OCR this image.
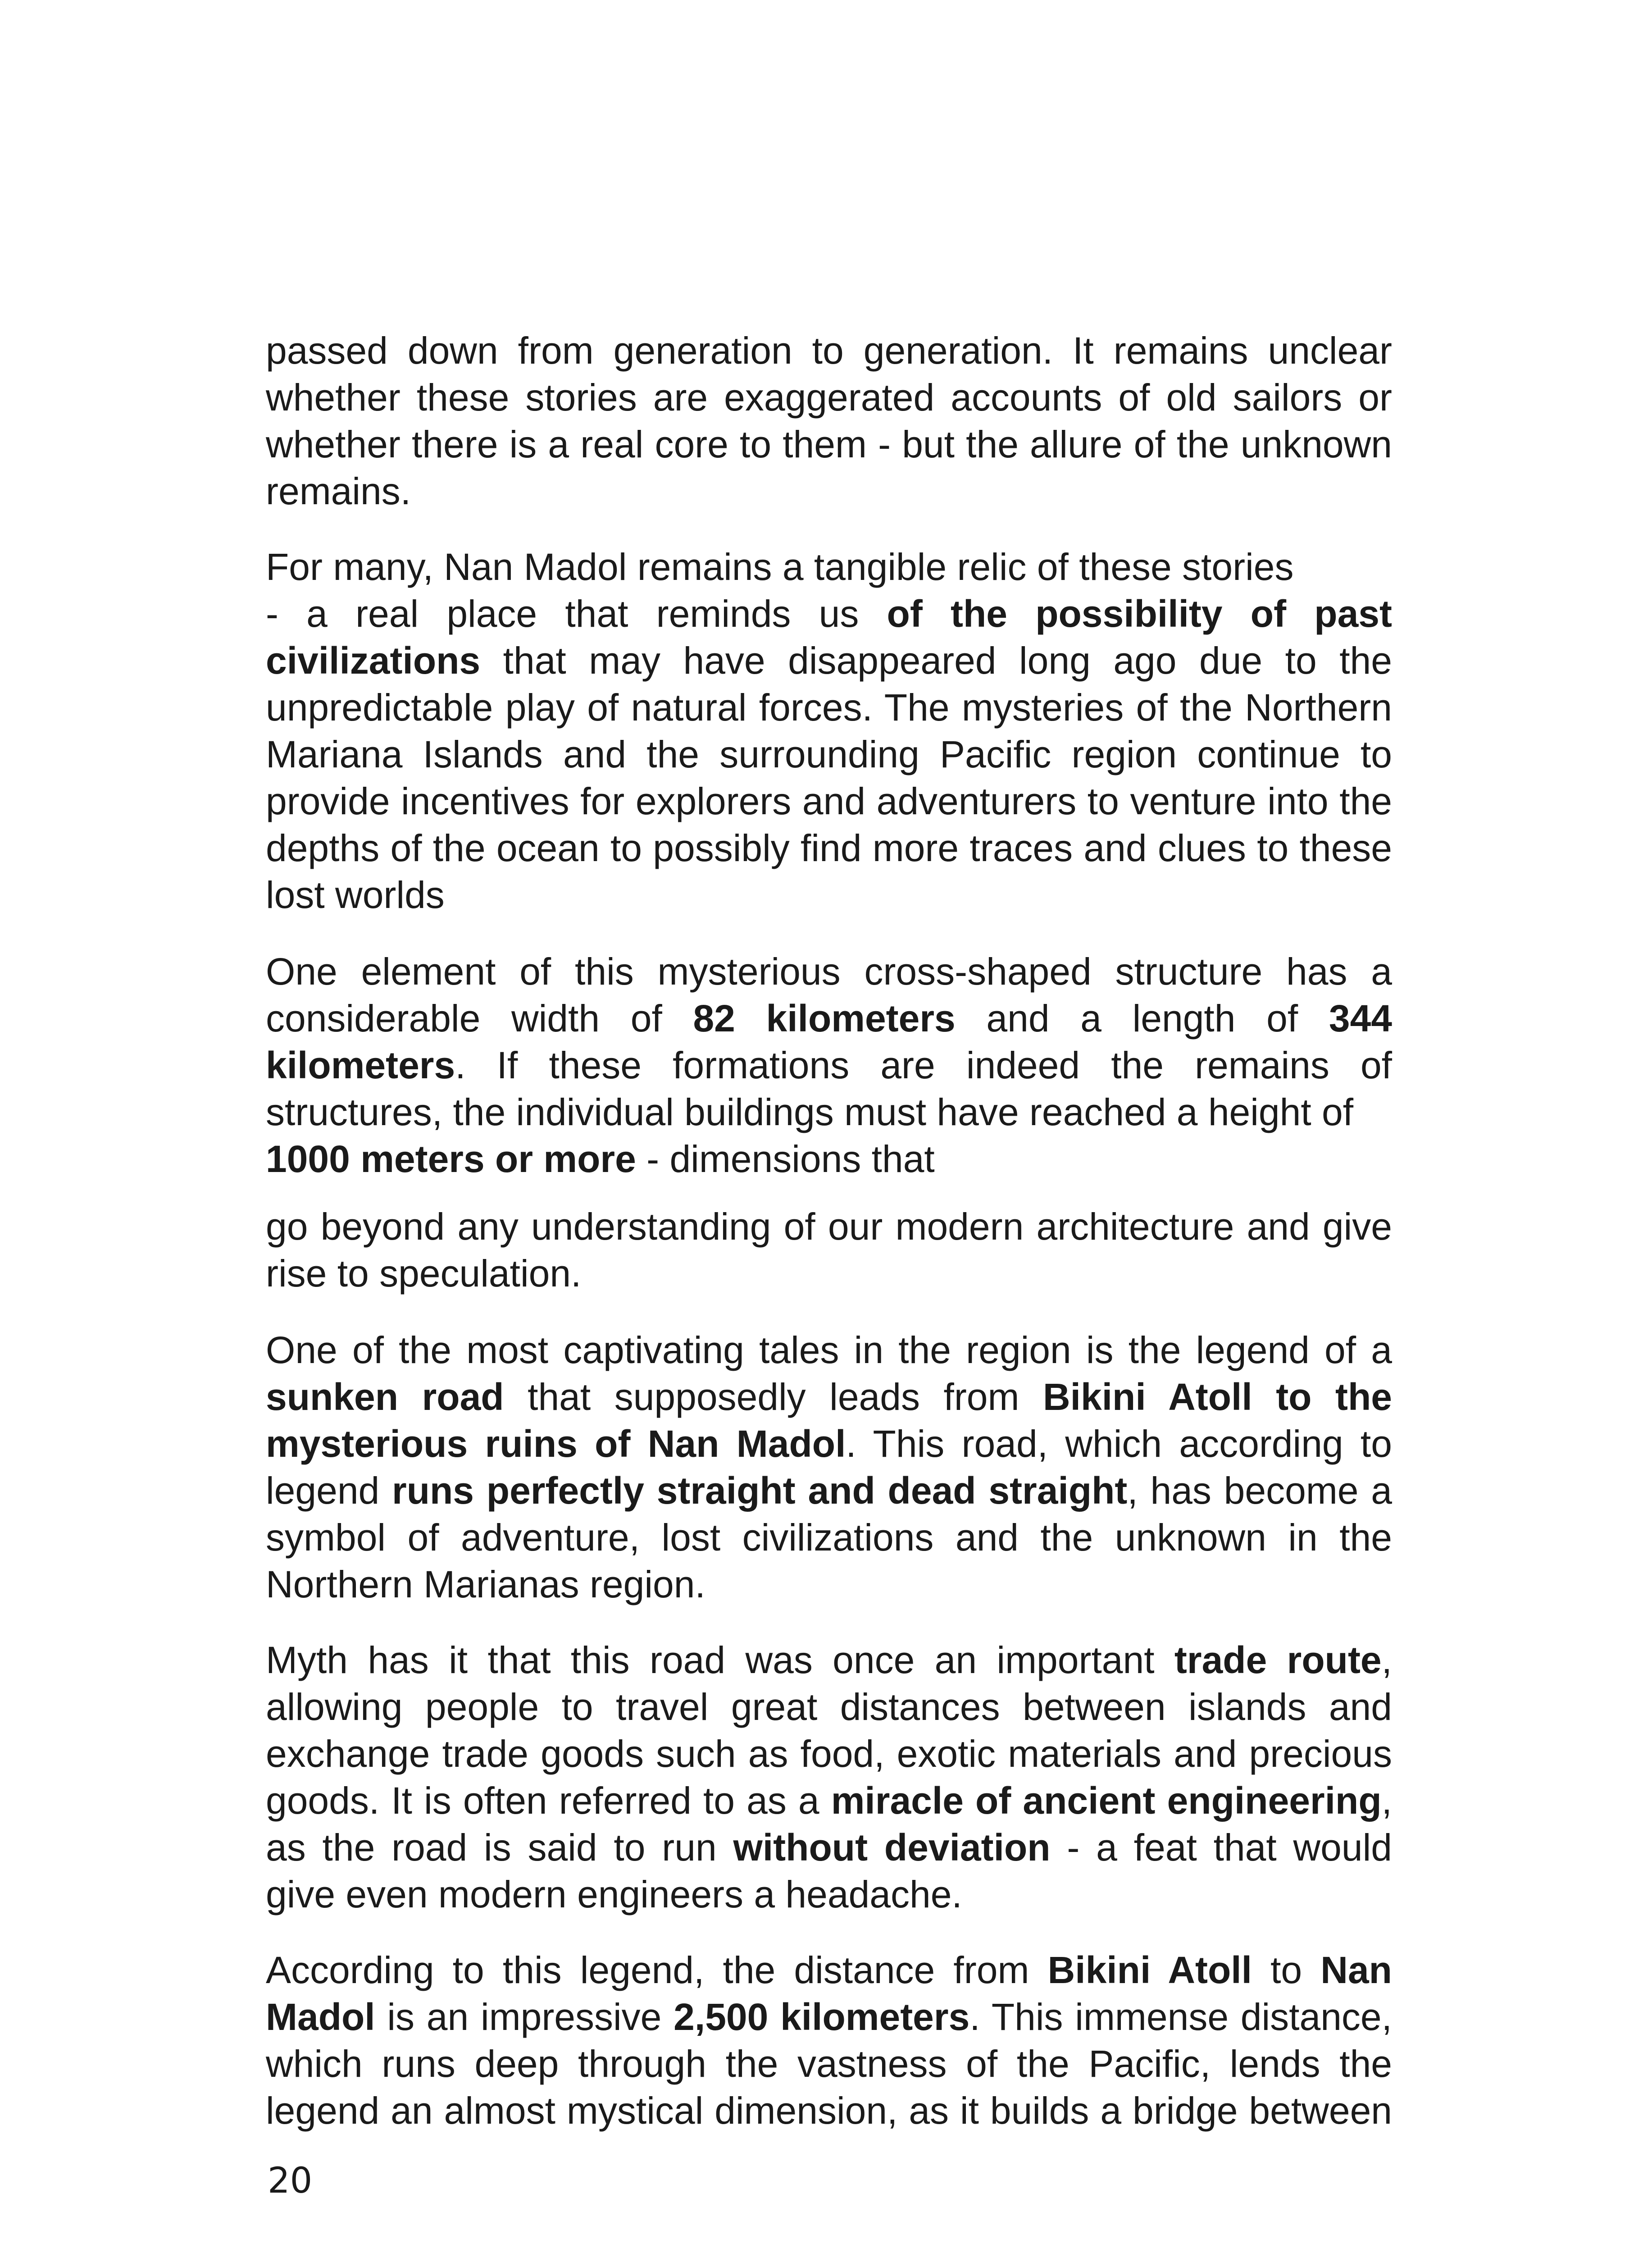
passed down from generation to generation. It remains unclear whether these stories are exaggerated accounts of old sailors or whether there is a real core to them - but the allure of the unknown remains.

For many, Nan Madol remains a tangible relic of these stories
- a real place that reminds us of the possibility of past civilizations that may have disappeared long ago due to the unpredictable play of natural forces. The mysteries of the Northern Mariana Islands and the surrounding Pacific region continue to provide incentives for explorers and adventurers to venture into the depths of the ocean to possibly find more traces and clues to these lost worlds

One element of this mysterious cross-shaped structure has a considerable width of 82 kilometers and a length of 344 kilometers. If these formations are indeed the remains of structures, the individual buildings must have reached a height of
1000 meters or more - dimensions that

go beyond any understanding of our modern architecture and give rise to speculation.

One of the most captivating tales in the region is the legend of a sunken road that supposedly leads from Bikini Atoll to the mysterious ruins of Nan Madol. This road, which according to legend runs perfectly straight and dead straight, has become a symbol of adventure, lost civilizations and the unknown in the Northern Marianas region.

Myth has it that this road was once an important trade route, allowing people to travel great distances between islands and exchange trade goods such as food, exotic materials and precious goods. It is often referred to as a miracle of ancient engineering, as the road is said to run without deviation - a feat that would give even modern engineers a headache.

According to this legend, the distance from Bikini Atoll to Nan Madol is an impressive 2,500 kilometers. This immense distance, which runs deep through the vastness of the Pacific, lends the legend an almost mystical dimension, as it builds a bridge between

20
